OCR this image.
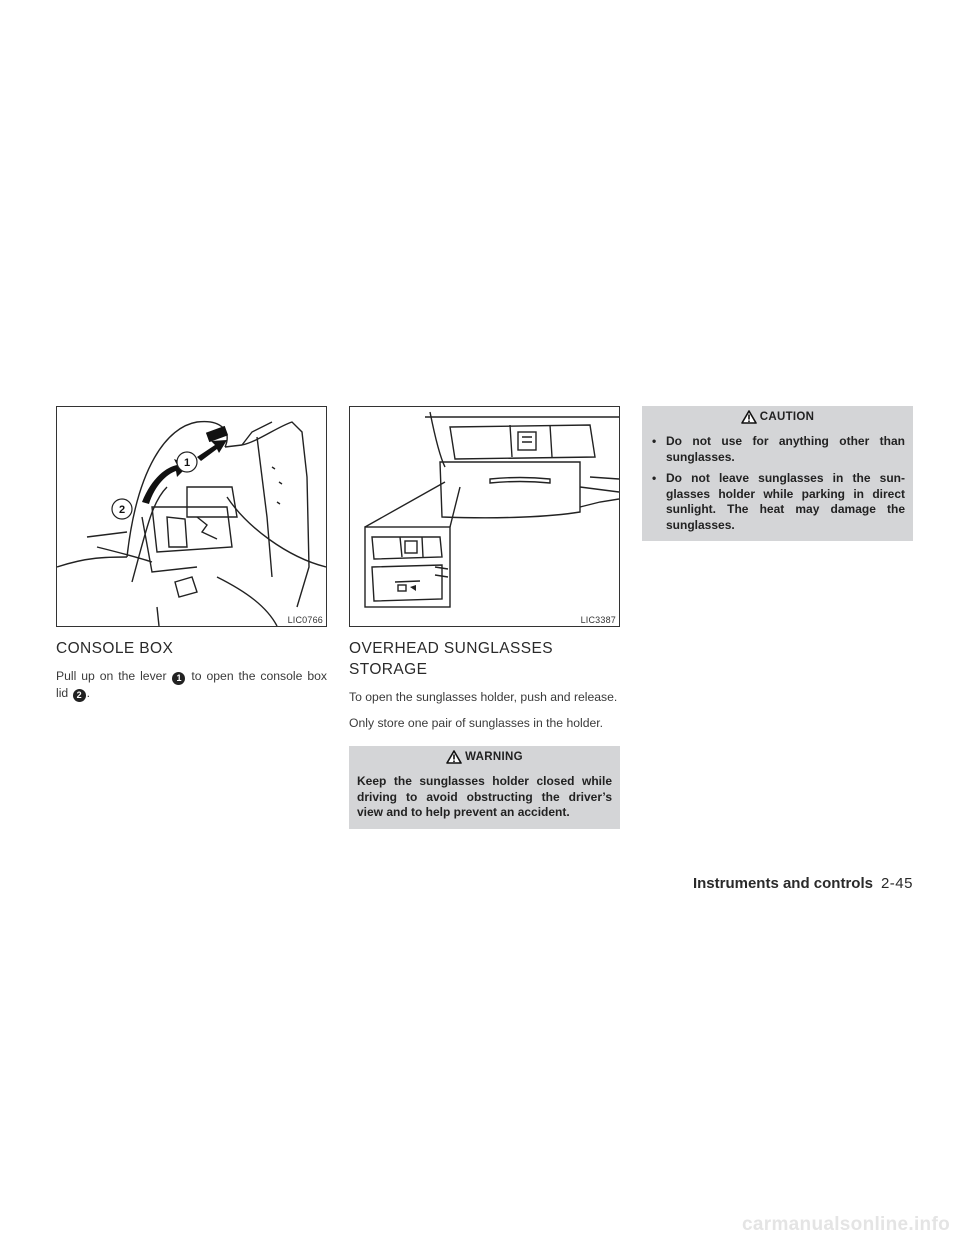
1
2
LIC0766
CONSOLE BOX

Pull up on the lever 1 to open the console box lid 2 .

LIC3387
OVERHEAD SUNGLASSES STORAGE

To open the sunglasses holder, push and release.

Only store one pair of sunglasses in the holder.

WARNING

Keep the sunglasses holder closed while driving to avoid obstructing the driver’s view and to help prevent an accident.

CAUTION
• Do not use for anything other than sunglasses.
• Do not leave sunglasses in the sun- glasses holder while parking in direct sunlight. The heat may damage the sunglasses.
Instruments and controls 2-45
carmanualsonline.info
